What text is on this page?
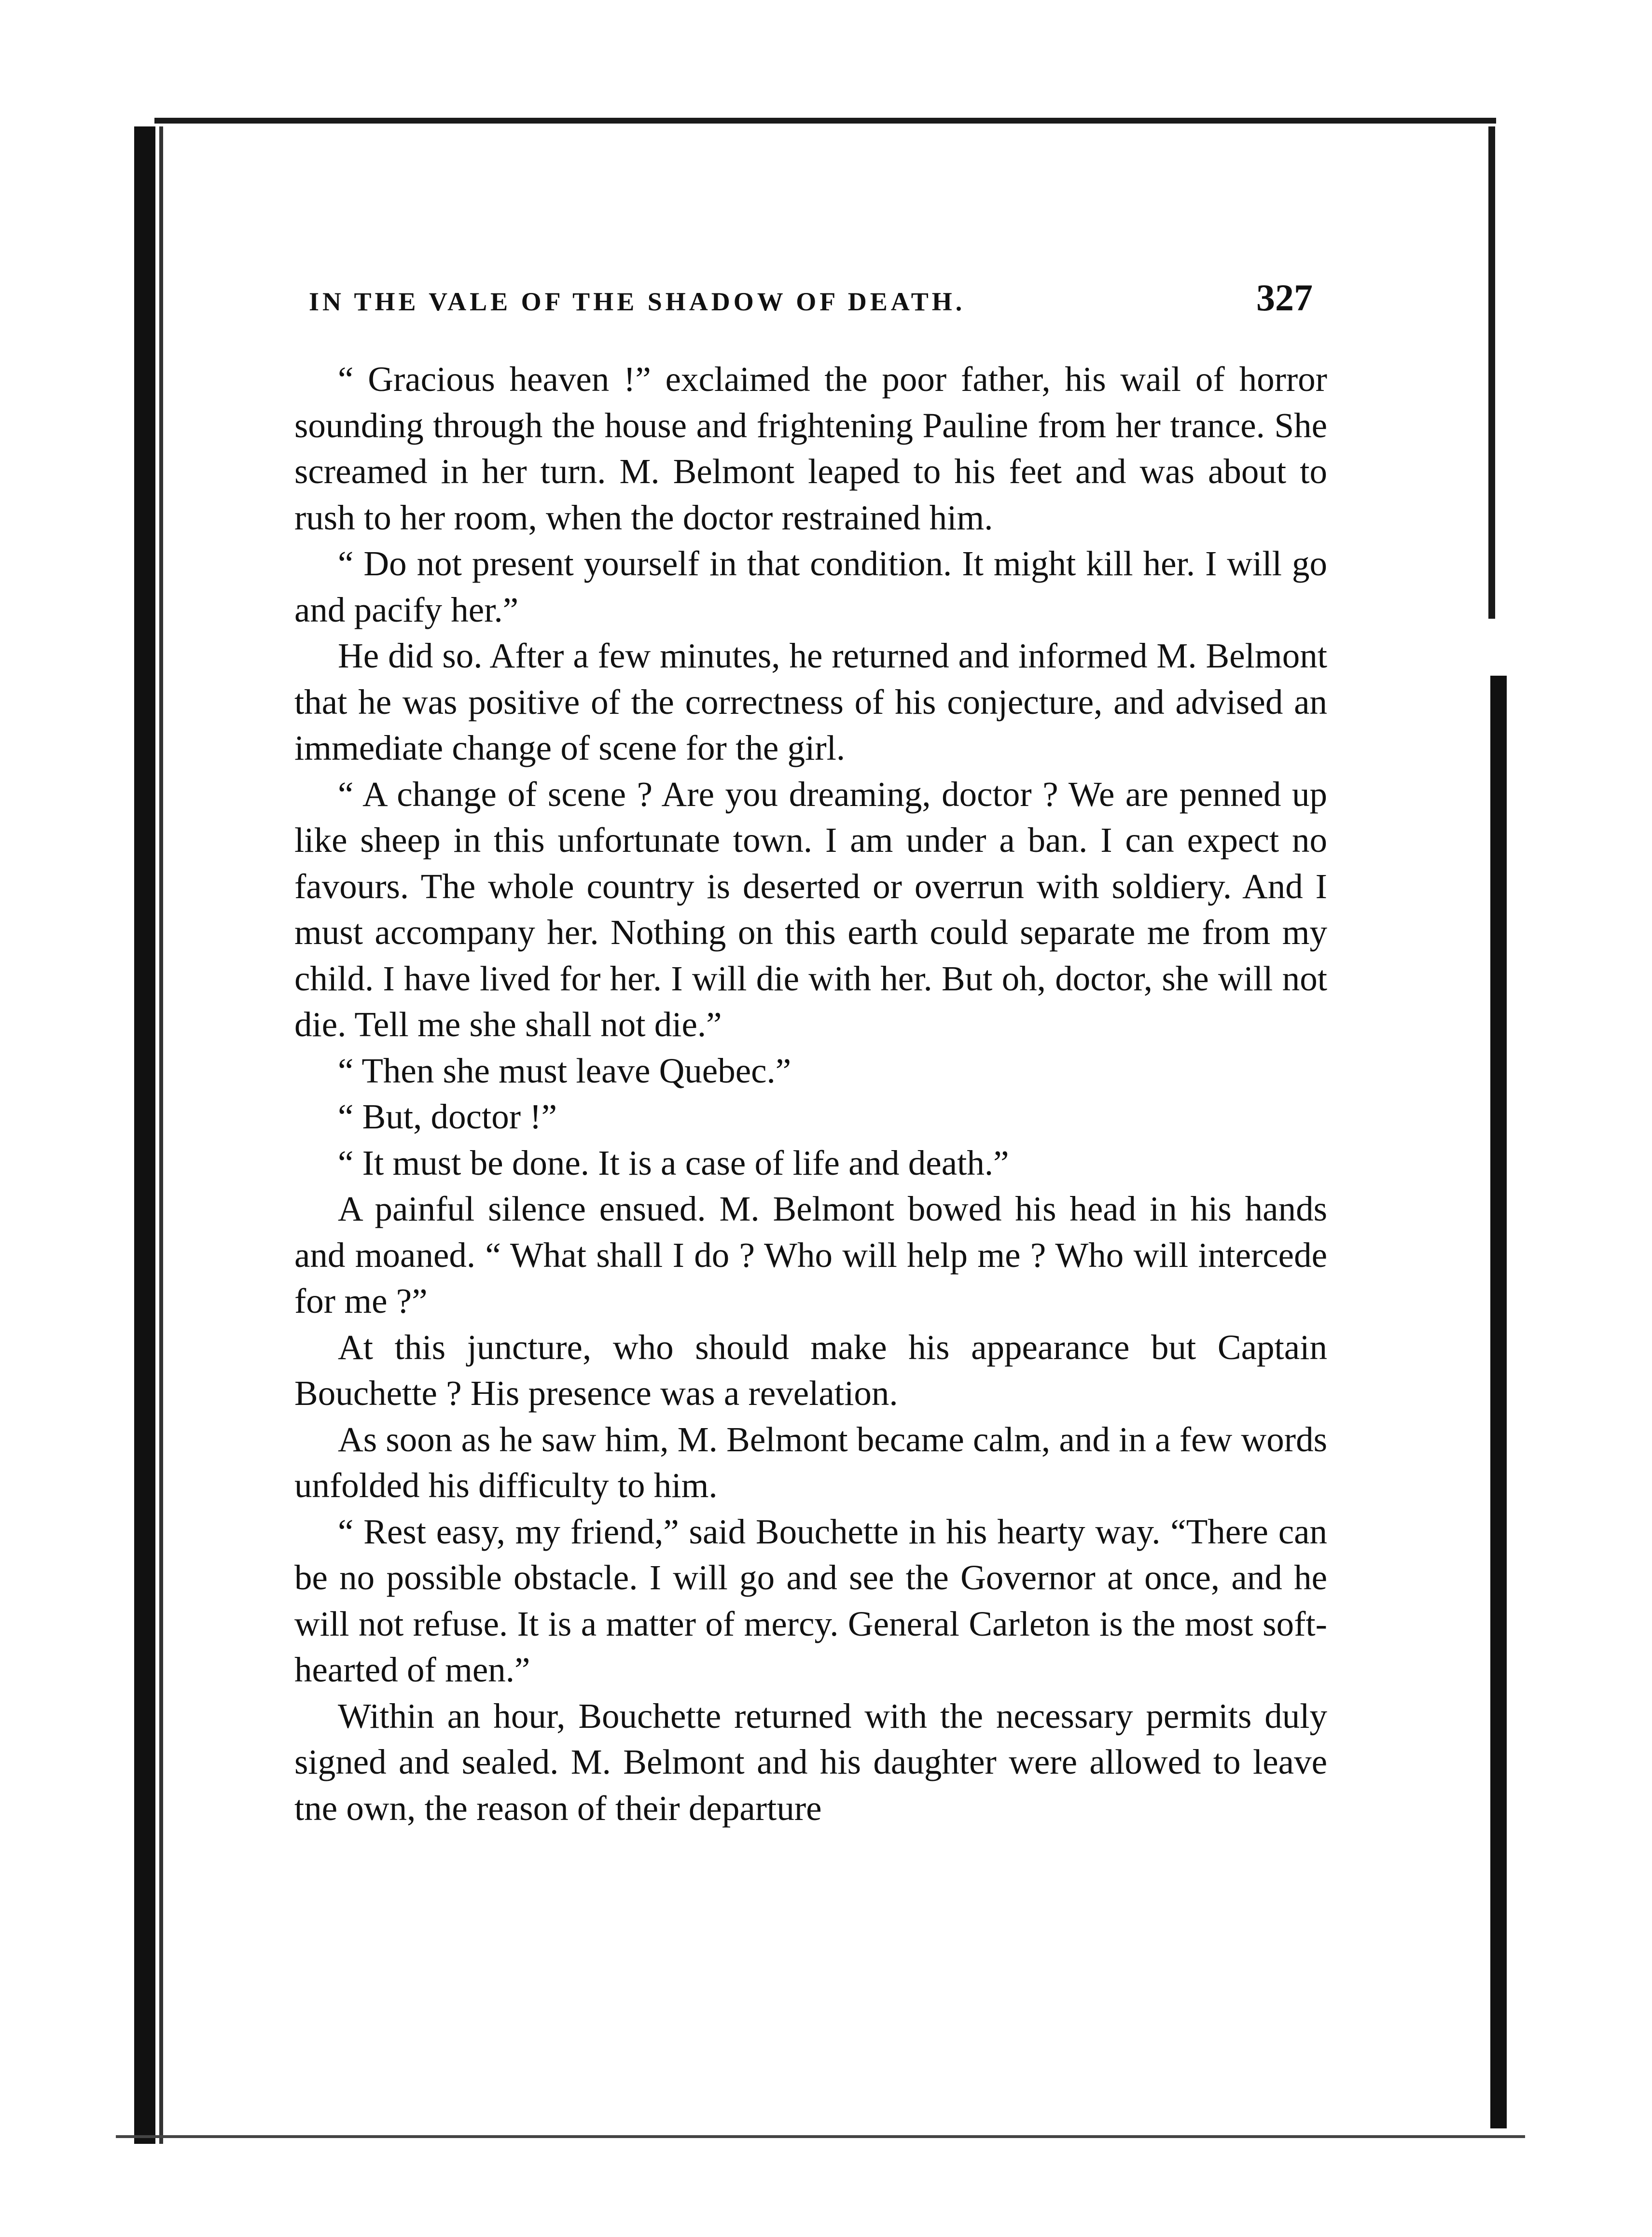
IN THE VALE OF THE SHADOW OF DEATH.	327

“ Gracious heaven !” exclaimed the poor father, his wail of horror sounding through the house and frightening Pauline from her trance. She screamed in her turn. M. Belmont leaped to his feet and was about to rush to her room, when the doctor restrained him.

“ Do not present yourself in that condition. It might kill her. I will go and pacify her.”

He did so. After a few minutes, he returned and informed M. Belmont that he was positive of the correctness of his conjecture, and advised an immediate change of scene for the girl.

“ A change of scene ? Are you dreaming, doctor ? We are penned up like sheep in this unfortunate town. I am under a ban. I can expect no favours. The whole country is deserted or overrun with soldiery. And I must accompany her. Nothing on this earth could separate me from my child. I have lived for her. I will die with her. But oh, doctor, she will not die. Tell me she shall not die.”

“ Then she must leave Quebec.”

“ But, doctor !”

“ It must be done. It is a case of life and death.”

A painful silence ensued. M. Belmont bowed his head in his hands and moaned. “ What shall I do ? Who will help me ? Who will intercede for me ?”

At this juncture, who should make his appearance but Captain Bouchette ? His presence was a revelation.

As soon as he saw him, M. Belmont became calm, and in a few words unfolded his difficulty to him.

“ Rest easy, my friend,” said Bouchette in his hearty way. “There can be no possible obstacle. I will go and see the Governor at once, and he will not refuse. It is a matter of mercy. General Carleton is the most soft-hearted of men.”

Within an hour, Bouchette returned with the necessary permits duly signed and sealed. M. Belmont and his daughter were allowed to leave tne own, the reason of their departure
